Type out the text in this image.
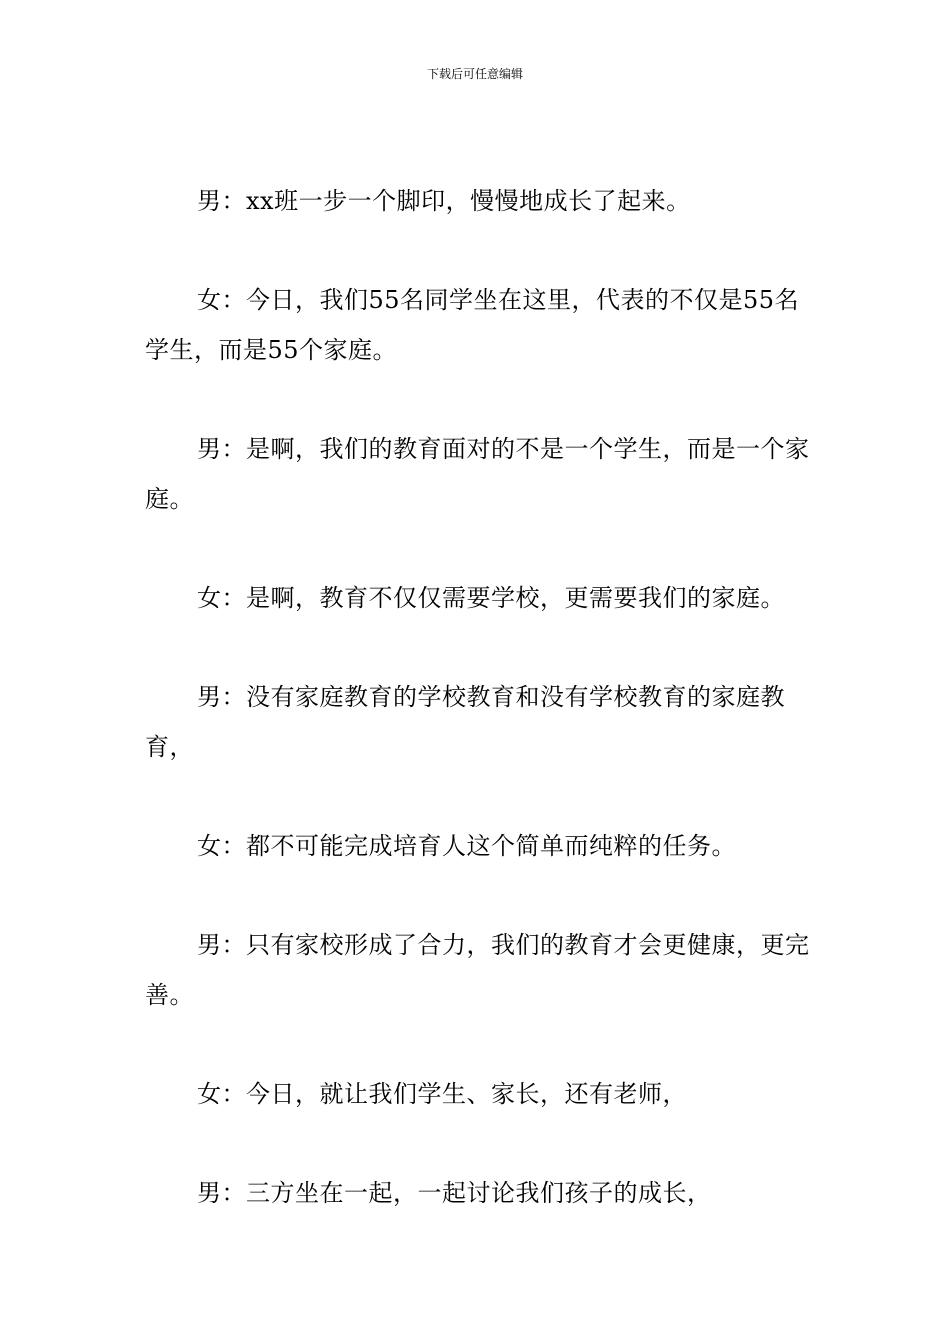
下载后可任意编辑

男：xx班一步一个脚印，慢慢地成长了起来。

女：今日，我们55名同学坐在这里，代表的不仅是55名学生，而是55个家庭。

男：是啊，我们的教育面对的不是一个学生，而是一个家庭。

女：是啊，教育不仅仅需要学校，更需要我们的家庭。

男：没有家庭教育的学校教育和没有学校教育的家庭教育，

女：都不可能完成培育人这个简单而纯粹的任务。

男：只有家校形成了合力，我们的教育才会更健康，更完善。

女：今日，就让我们学生、家长，还有老师，

男：三方坐在一起，一起讨论我们孩子的成长，
